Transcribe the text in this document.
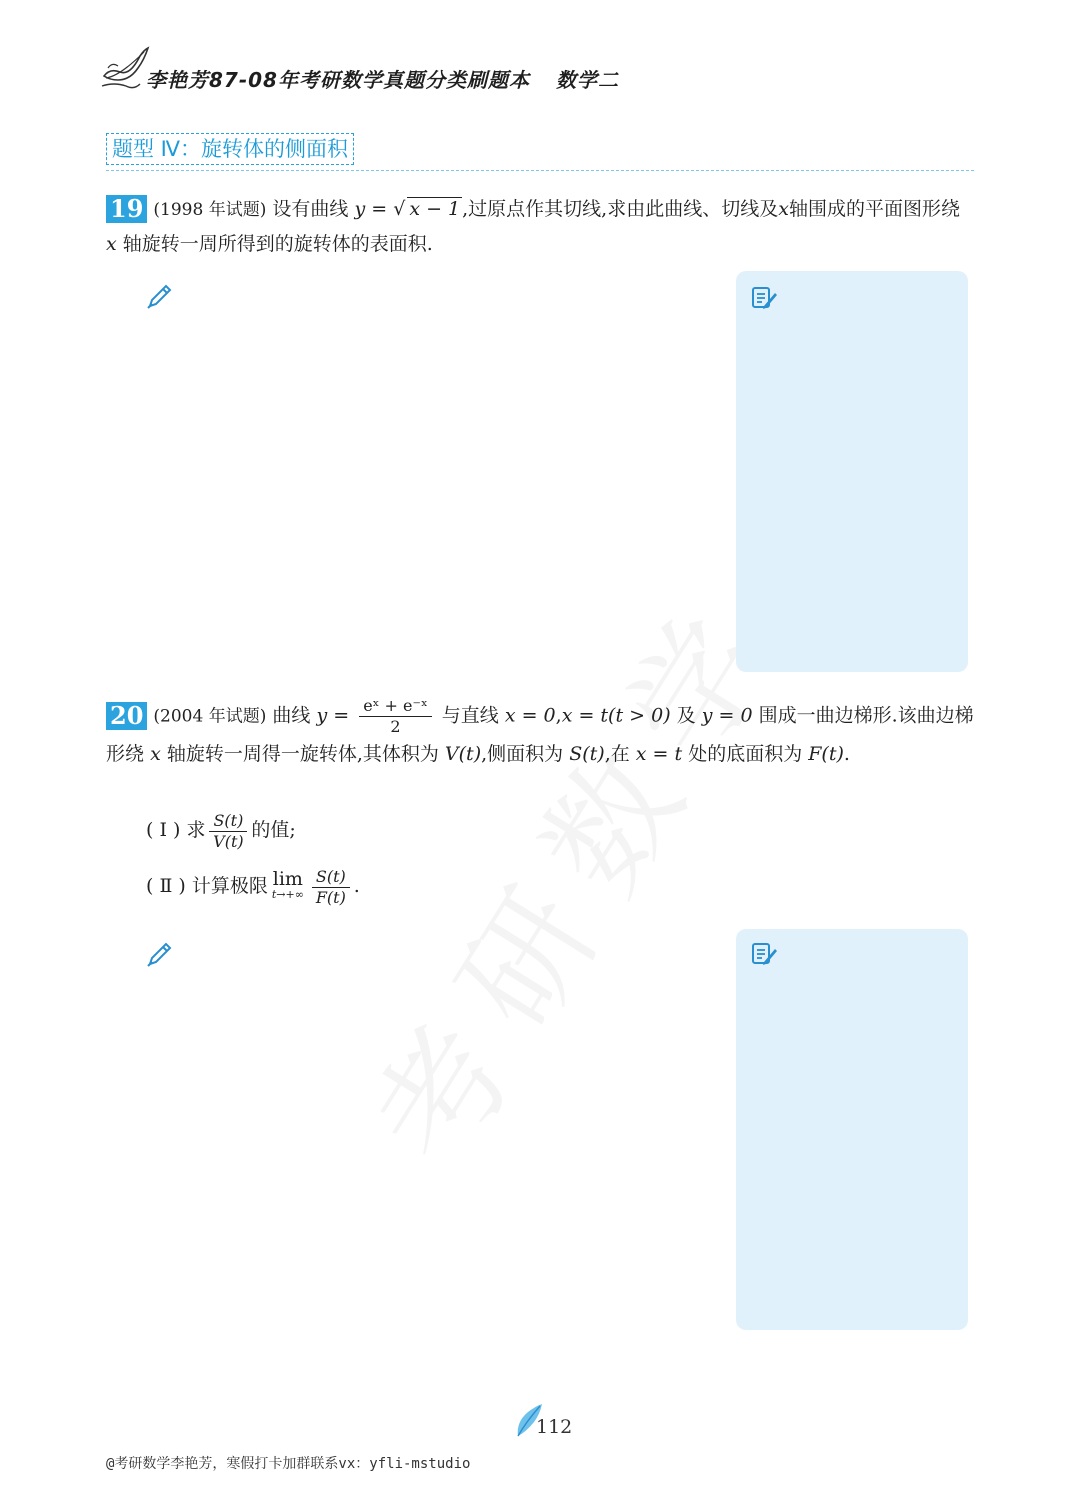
李艳芳87-08年考研数学真题分类刷题本 数学二
题型 Ⅳ：旋转体的侧面积
19 (1998 年试题) 设有曲线 y = √ x − 1 ,过原点作其切线,求由此曲线、切线及x轴围成的平面图形绕 x 轴旋转一周所得到的旋转体的表面积.
20 (2004 年试题) 曲线 $y = \frac{\text{eˣ + e⁻ˣ}}{2}$ 与直线 x = 0,x = t(t > 0) 及 y = 0 围成一曲边梯形.该曲边梯形绕 x 轴旋转一周得一旋转体,其体积为 V(t),侧面积为 S(t),在 x = t 处的底面积为 F(t).
( Ⅰ ) 求 $\frac{S(t)}{V(t)}$ 的值;
( Ⅱ ) 计算极限 lim
$t\to+\infty \frac{S(t)}{F(t)}$ .
112
@考研数学李艳芳，寒假打卡加群联系vx：yfli-mstudio
